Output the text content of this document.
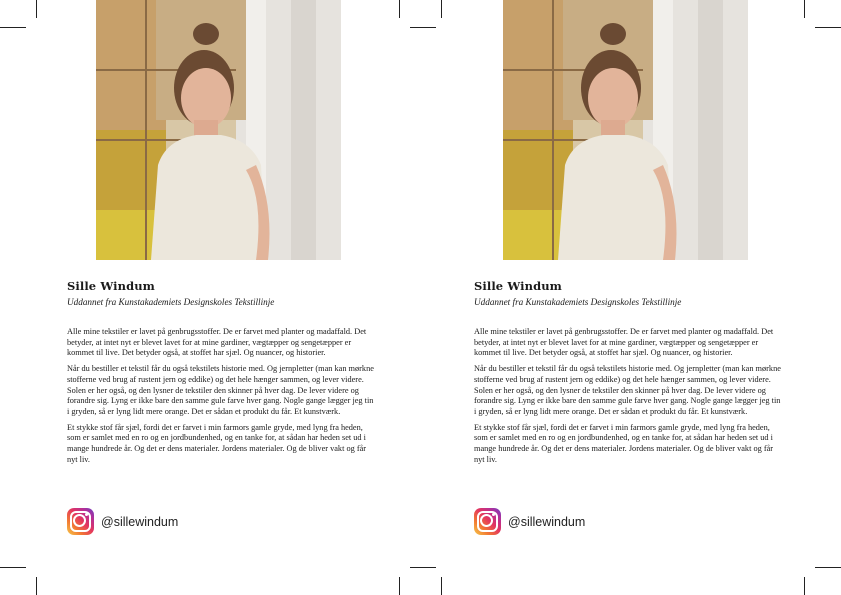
Sille Windum
Uddannet fra Kunstakademiets Designskoles Tekstillinje

Alle mine tekstiler er lavet på genbrugsstoffer. De er farvet med planter og madaffald. Det betyder, at intet nyt er blevet lavet for at mine gardiner, vægtæpper og sengetæpper er kommet til live. Det betyder også, at stoffet har sjæl. Og nuancer, og historier.

Når du bestiller et tekstil får du også tekstilets historie med. Og jernpletter (man kan mørkne stofferne ved brug af rustent jern og eddike) og det hele hænger sammen, og lever videre. Solen er her også, og den lysner de tekstiler den skinner på hver dag. De lever videre og forandre sig. Lyng er ikke bare den samme gule farve hver gang. Nogle gange lægger jeg tin i gryden, så er lyng lidt mere orange. Det er sådan et produkt du får. Et kunstværk.

Et stykke stof får sjæl, fordi det er farvet i min farmors gamle gryde, med lyng fra heden, som er samlet med en ro og en jordbundenhed, og en tanke for, at sådan har heden set ud i mange hundrede år. Og det er dens materialer. Jordens materialer. Og de bliver vakt og får nyt liv.

@sillewindum
Sille Windum
Uddannet fra Kunstakademiets Designskoles Tekstillinje

Alle mine tekstiler er lavet på genbrugsstoffer. De er farvet med planter og madaffald. Det betyder, at intet nyt er blevet lavet for at mine gardiner, vægtæpper og sengetæpper er kommet til live. Det betyder også, at stoffet har sjæl. Og nuancer, og historier.

Når du bestiller et tekstil får du også tekstilets historie med. Og jernpletter (man kan mørkne stofferne ved brug af rustent jern og eddike) og det hele hænger sammen, og lever videre. Solen er her også, og den lysner de tekstiler den skinner på hver dag. De lever videre og forandre sig. Lyng er ikke bare den samme gule farve hver gang. Nogle gange lægger jeg tin i gryden, så er lyng lidt mere orange. Det er sådan et produkt du får. Et kunstværk.

Et stykke stof får sjæl, fordi det er farvet i min farmors gamle gryde, med lyng fra heden, som er samlet med en ro og en jordbundenhed, og en tanke for, at sådan har heden set ud i mange hundrede år. Og det er dens materialer. Jordens materialer. Og de bliver vakt og får nyt liv.

@sillewindum
